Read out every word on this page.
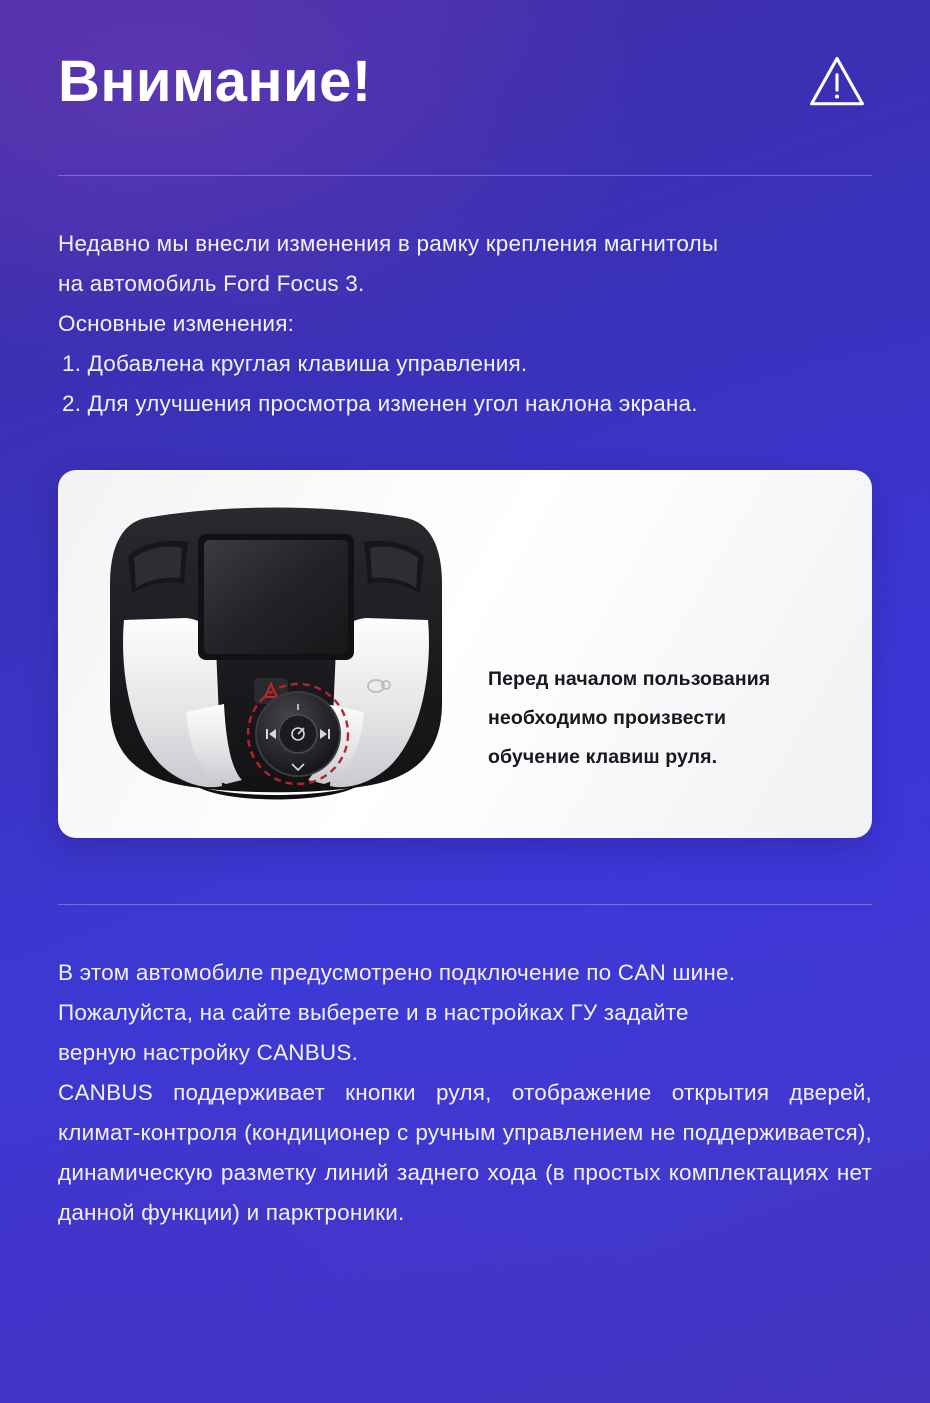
Внимание!

Недавно мы внесли изменения в рамку крепления магнитолы

на автомобиль Ford Focus 3.

Основные изменения:

1. Добавлена круглая клавиша управления.

2. Для улучшения просмотра изменен угол наклона экрана.

Перед началом пользования
необходимо произвести
обучение клавиш руля.

В этом автомобиле предусмотрено подключение по CAN шине.

Пожалуйста, на сайте выберете и в настройках ГУ задайте

верную настройку CANBUS.

CANBUS поддерживает кнопки руля, отображение открытия дверей, климат-контроля (кондиционер с ручным управлением не поддерживается), динамическую разметку линий заднего хода (в простых комплектациях нет данной функции) и парктроники.
